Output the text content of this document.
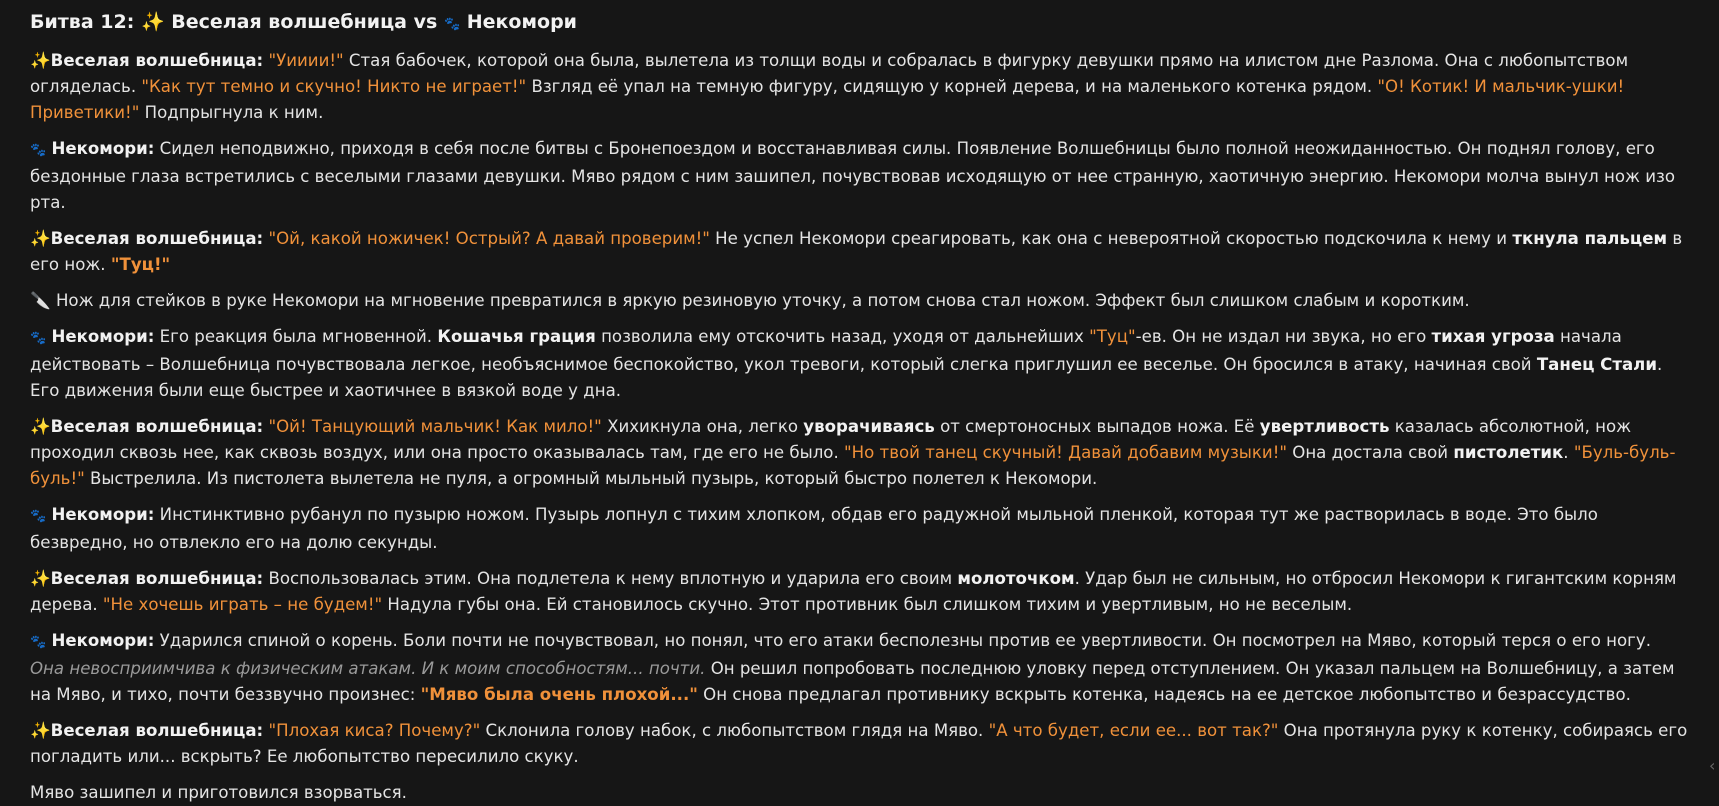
Битва 12: ✨ Веселая волшебница vs 🐾 Некомори

✨Веселая волшебница: "Уииии!" Стая бабочек, которой она была, вылетела из толщи воды и собралась в фигурку девушки прямо на илистом дне Разлома. Она с любопытством огляделась. "Как тут темно и скучно! Никто не играет!" Взгляд её упал на темную фигуру, сидящую у корней дерева, и на маленького котенка рядом. "О! Котик! И мальчик-ушки! Приветики!" Подпрыгнула к ним.

🐾 Некомори: Сидел неподвижно, приходя в себя после битвы с Бронепоездом и восстанавливая силы. Появление Волшебницы было полной неожиданностью. Он поднял голову, его бездонные глаза встретились с веселыми глазами девушки. Мяво рядом с ним зашипел, почувствовав исходящую от нее странную, хаотичную энергию. Некомори молча вынул нож изо рта.

✨Веселая волшебница: "Ой, какой ножичек! Острый? А давай проверим!" Не успел Некомори среагировать, как она с невероятной скоростью подскочила к нему и ткнула пальцем в его нож. "Туц!"

🔪 Нож для стейков в руке Некомори на мгновение превратился в яркую резиновую уточку, а потом снова стал ножом. Эффект был слишком слабым и коротким.

🐾 Некомори: Его реакция была мгновенной. Кошачья грация позволила ему отскочить назад, уходя от дальнейших "Туц"-ев. Он не издал ни звука, но его тихая угроза начала действовать – Волшебница почувствовала легкое, необъяснимое беспокойство, укол тревоги, который слегка приглушил ее веселье. Он бросился в атаку, начиная свой Танец Стали. Его движения были еще быстрее и хаотичнее в вязкой воде у дна.

✨Веселая волшебница: "Ой! Танцующий мальчик! Как мило!" Хихикнула она, легко уворачиваясь от смертоносных выпадов ножа. Её увертливость казалась абсолютной, нож проходил сквозь нее, как сквозь воздух, или она просто оказывалась там, где его не было. "Но твой танец скучный! Давай добавим музыки!" Она достала свой пистолетик. "Буль-буль-буль!" Выстрелила. Из пистолета вылетела не пуля, а огромный мыльный пузырь, который быстро полетел к Некомори.

🐾 Некомори: Инстинктивно рубанул по пузырю ножом. Пузырь лопнул с тихим хлопком, обдав его радужной мыльной пленкой, которая тут же растворилась в воде. Это было безвредно, но отвлекло его на долю секунды.

✨Веселая волшебница: Воспользовалась этим. Она подлетела к нему вплотную и ударила его своим молоточком. Удар был не сильным, но отбросил Некомори к гигантским корням дерева. "Не хочешь играть – не будем!" Надула губы она. Ей становилось скучно. Этот противник был слишком тихим и увертливым, но не веселым.

🐾 Некомори: Ударился спиной о корень. Боли почти не почувствовал, но понял, что его атаки бесполезны против ее увертливости. Он посмотрел на Мяво, который терся о его ногу. Она невосприимчива к физическим атакам. И к моим способностям... почти. Он решил попробовать последнюю уловку перед отступлением. Он указал пальцем на Волшебницу, а затем на Мяво, и тихо, почти беззвучно произнес: "Мяво была очень плохой..." Он снова предлагал противнику вскрыть котенка, надеясь на ее детское любопытство и безрассудство.

✨Веселая волшебница: "Плохая киса? Почему?" Склонила голову набок, с любопытством глядя на Мяво. "А что будет, если ее... вот так?" Она протянула руку к котенку, собираясь его погладить или... вскрыть? Ее любопытство пересилило скуку.

Мяво зашипел и приготовился взорваться.

‹
